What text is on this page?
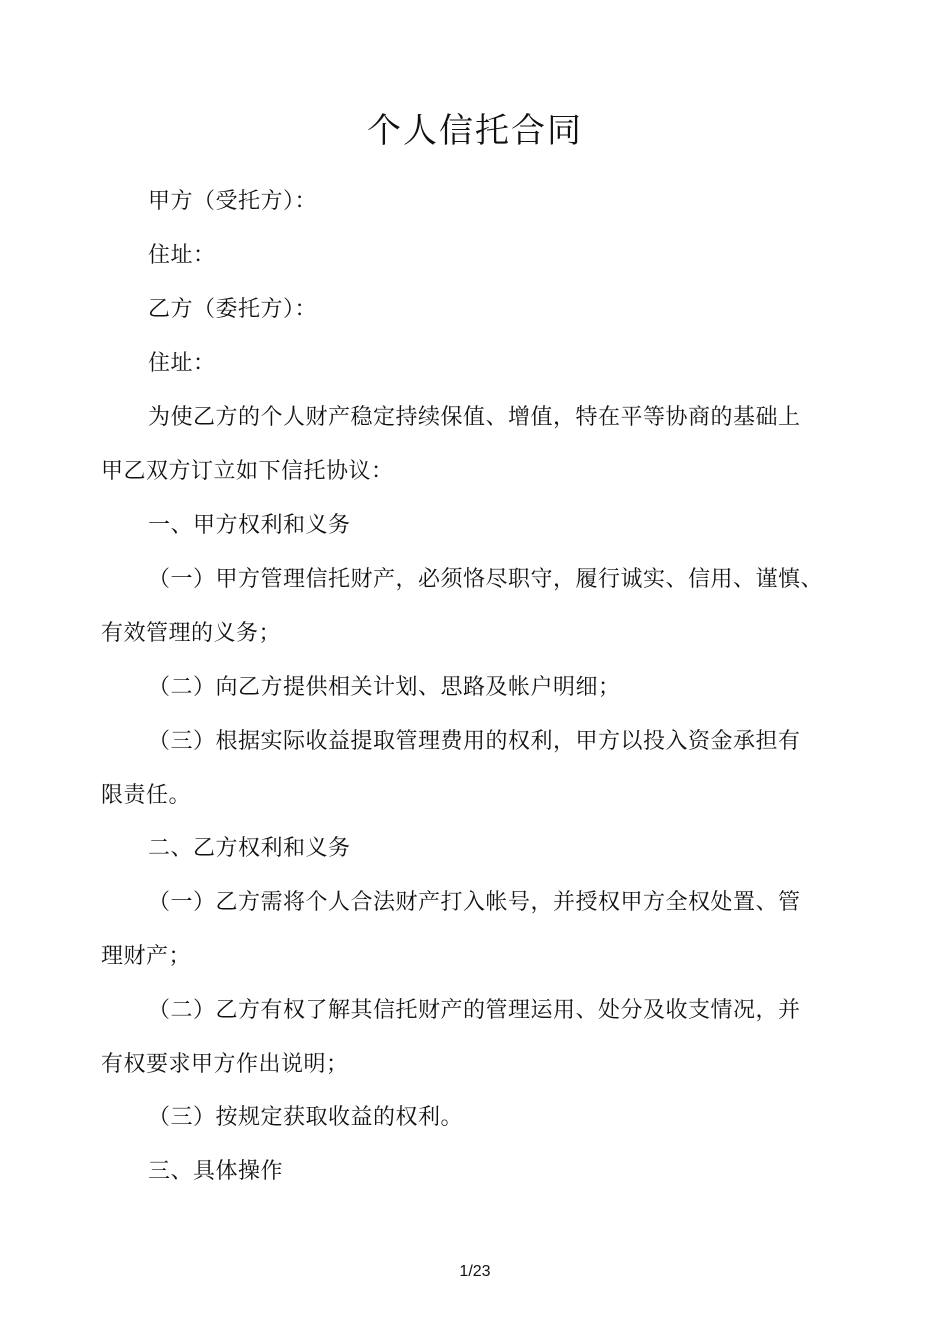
个人信托合同
甲方（受托方）：
住址：
乙方（委托方）：
住址：
为使乙方的个人财产稳定持续保值、增值，特在平等协商的基础上
甲乙双方订立如下信托协议：
一、甲方权利和义务
（一）甲方管理信托财产，必须恪尽职守，履行诚实、信用、谨慎、
有效管理的义务；
（二）向乙方提供相关计划、思路及帐户明细；
（三）根据实际收益提取管理费用的权利，甲方以投入资金承担有
限责任。
二、乙方权利和义务
（一）乙方需将个人合法财产打入帐号，并授权甲方全权处置、管
理财产；
（二）乙方有权了解其信托财产的管理运用、处分及收支情况，并
有权要求甲方作出说明；
（三）按规定获取收益的权利。
三、具体操作
1/23
